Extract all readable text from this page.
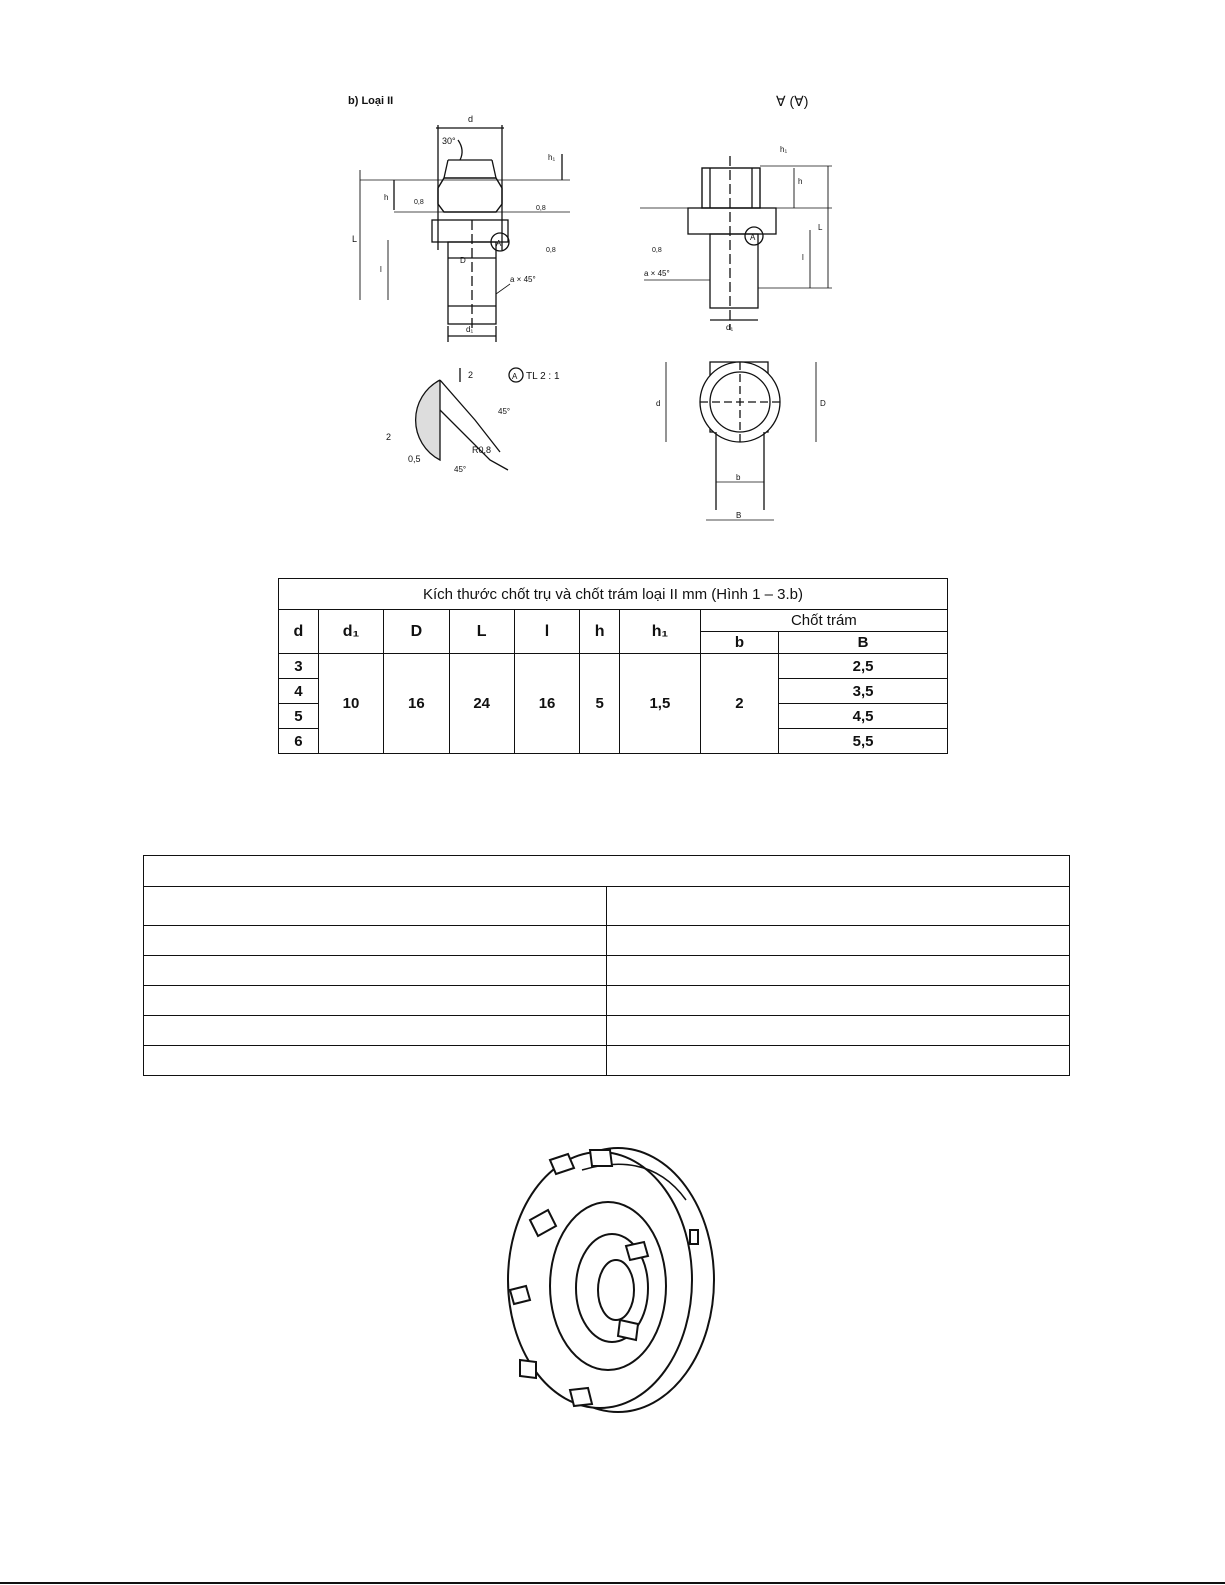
b) Loại II	∀ (∀)
d
30°
h₁
h
0,8
0,8
A
D
0,8
a × 45°
L
l
d₁
A
L
l
h
h₁
0,8
a × 45°
d₁
2	A TL 2 : 1
2
0,5
R0,8
45°
45°
b
B
d	D
Kích thước chốt trụ và chốt trám loại II mm (Hình 1 – 3.b)								
d	d₁	D	L	l	h	h₁	Chốt trám	
							b	B
3	10	16	24	16	5	1,5	2	2,5
4								3,5
5								4,5
6								5,5
